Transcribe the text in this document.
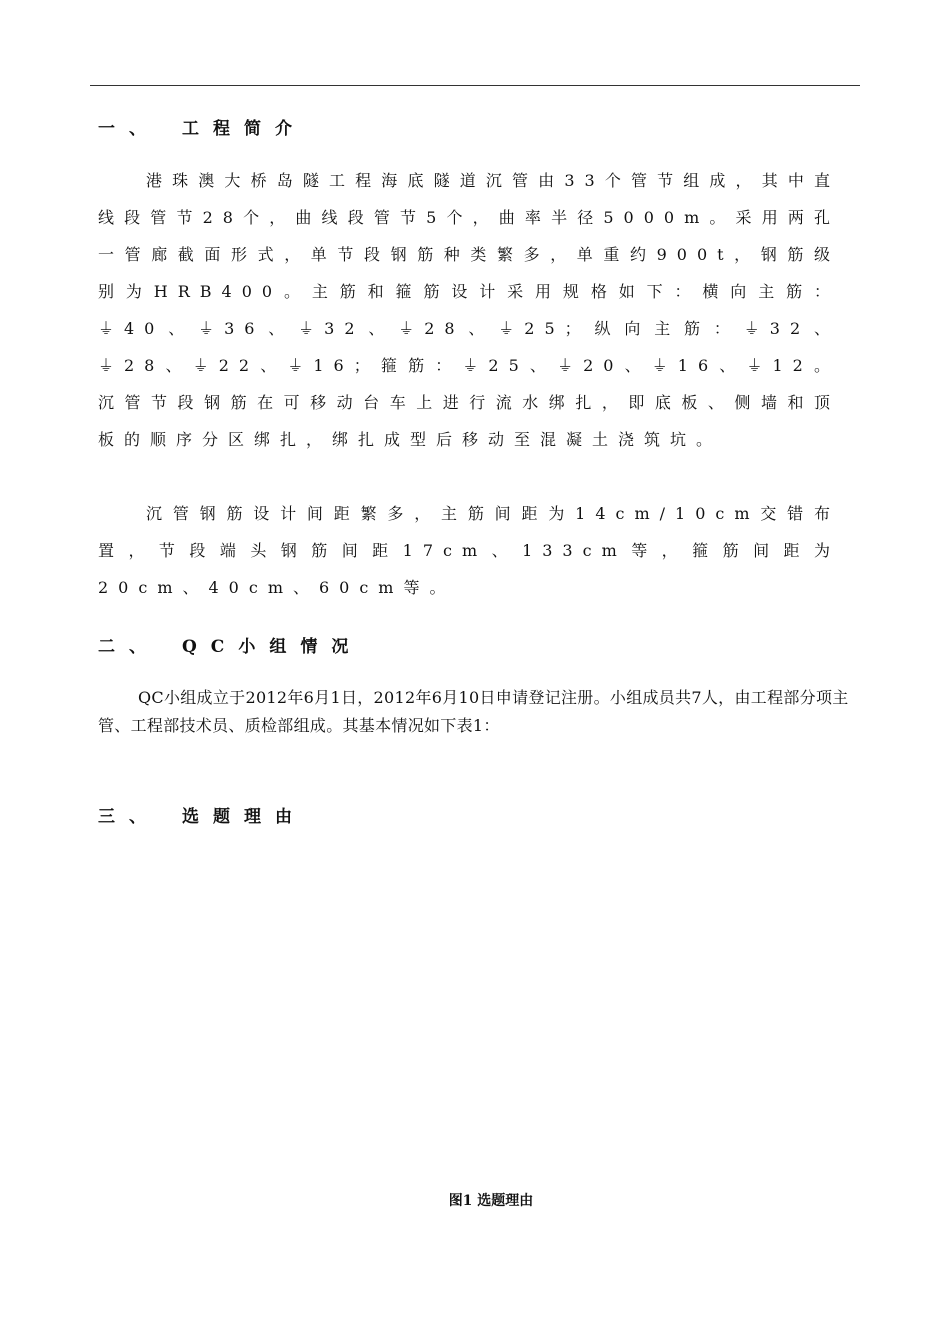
一、 工程简介
港珠澳大桥岛隧工程海底隧道沉管由33个管节组成，其中直线段管节28个，曲线段管节5个，曲率半径5000m。采用两孔一管廊截面形式，单节段钢筋种类繁多，单重约900t，钢筋级别为HRB400。主筋和箍筋设计采用规格如下：横向主筋：⏚40、⏚36、⏚32、⏚28、⏚25；纵向主筋：⏚32、⏚28、⏚22、⏚16；箍筋：⏚25、⏚20、⏚16、⏚12。沉管节段钢筋在可移动台车上进行流水绑扎，即底板、侧墙和顶板的顺序分区绑扎，绑扎成型后移动至混凝土浇筑坑。
沉管钢筋设计间距繁多，主筋间距为14cm/10cm交错布置，节段端头钢筋间距17cm、133cm等，箍筋间距为20cm、40cm、60cm等。
二、 QC小组情况
QC小组成立于2012年6月1日，2012年6月10日申请登记注册。小组成员共7人，由工程部分项主管、工程部技术员、质检部组成。其基本情况如下表1：
三、 选题理由
图1 选题理由
